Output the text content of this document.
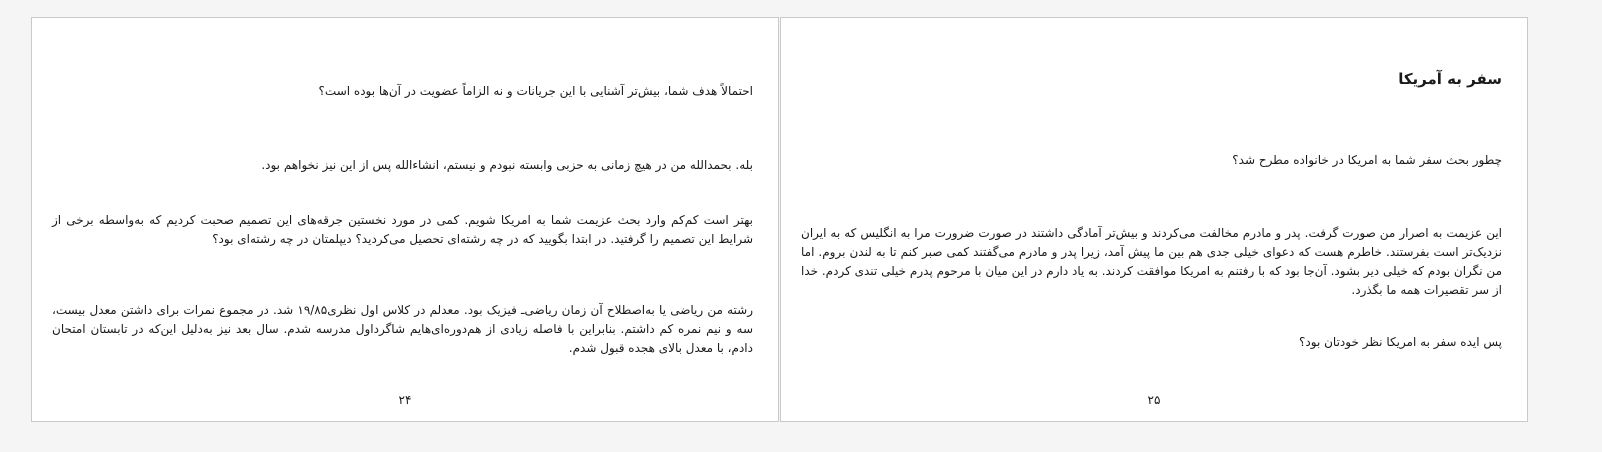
احتمالاً هدف شما، بیش‌تر آشنایی با این جریانات و نه الزاماً عضویت در آن‌ها بوده است؟

بله. بحمدالله من در هیچ زمانی به حزبی وابسته نبودم و نیستم، انشاءالله پس از این نیز نخواهم بود.

بهتر است کم‌کم وارد بحث عزیمت شما به امریکا شویم. کمی در مورد نخستین جرقه‌های این تصمیم صحبت کردیم که به‌واسطه برخی از شرایط این تصمیم را گرفتید. در ابتدا بگویید که در چه رشته‌ای تحصیل می‌کردید؟ دیپلمتان در چه رشته‌ای بود؟

رشته من ریاضی یا به‌اصطلاح آن زمان ریاضی‌ـ فیزیک بود. معدلم در کلاس اول نظری۱۹/۸۵ شد. در مجموع نمرات برای داشتن معدل بیست، سه و نیم نمره کم داشتم. بنابراین با فاصله زیادی از هم‌دوره‌ای‌هایم شاگرداول مدرسه شدم. سال بعد نیز به‌دلیل این‌که در تابستان امتحان دادم، با معدل بالای هجده قبول شدم.

۲۴
سفر به آمریکا

چطور بحث سفر شما به امریکا در خانواده مطرح شد؟

این عزیمت به اصرار من صورت گرفت. پدر و مادرم مخالفت می‌کردند و بیش‌تر آمادگی داشتند در صورت ضرورت مرا به انگلیس که به ایران نزدیک‌تر است بفرستند. خاطرم هست که دعوای خیلی جدی هم بین ما پیش آمد، زیرا پدر و مادرم می‌گفتند کمی صبر کنم تا به لندن بروم. اما من نگران بودم که خیلی دیر بشود. آن‌جا بود که با رفتنم به امریکا موافقت کردند. به یاد دارم در این میان با مرحوم پدرم خیلی تندی کردم. خدا از سر تقصیرات همه ما بگذرد.

پس ایده سفر به امریکا نظر خودتان بود؟

۲۵
